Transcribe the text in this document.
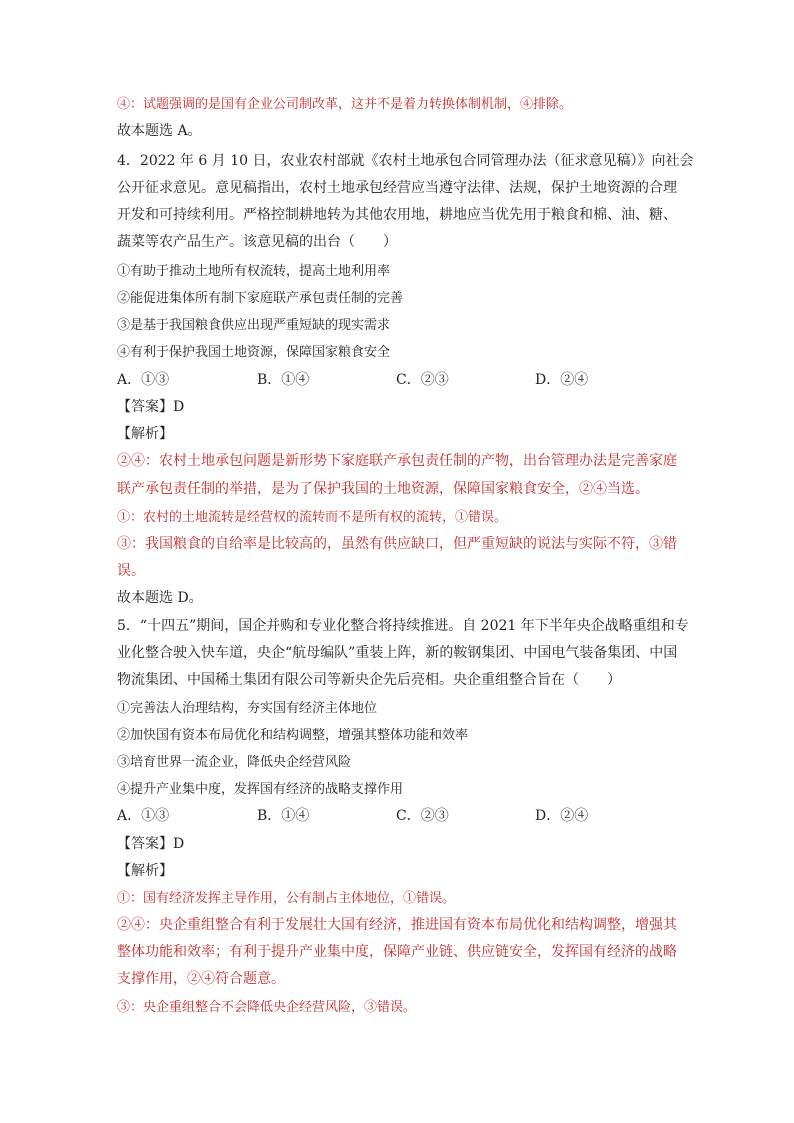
④：试题强调的是国有企业公司制改革，这并不是着力转换体制机制，④排除。
故本题选 A。
4．2022 年 6 月 10 日，农业农村部就《农村土地承包合同管理办法（征求意见稿）》向社会
公开征求意见。意见稿指出，农村土地承包经营应当遵守法律、法规，保护土地资源的合理
开发和可持续利用。严格控制耕地转为其他农用地，耕地应当优先用于粮食和棉、油、糖、
蔬菜等农产品生产。该意见稿的出台（　　）
①有助于推动土地所有权流转，提高土地利用率
②能促进集体所有制下家庭联产承包责任制的完善
③是基于我国粮食供应出现严重短缺的现实需求
④有利于保护我国土地资源，保障国家粮食安全
A．①③	B．①④	C．②③	D．②④
【答案】D
【解析】
②④：农村土地承包问题是新形势下家庭联产承包责任制的产物，出台管理办法是完善家庭
联产承包责任制的举措，是为了保护我国的土地资源，保障国家粮食安全，②④当选。
①：农村的土地流转是经营权的流转而不是所有权的流转，①错误。
③：我国粮食的自给率是比较高的，虽然有供应缺口，但严重短缺的说法与实际不符，③错
误。
故本题选 D。
5．“十四五”期间，国企并购和专业化整合将持续推进。自 2021 年下半年央企战略重组和专
业化整合驶入快车道，央企“航母编队”重装上阵，新的鞍钢集团、中国电气装备集团、中国
物流集团、中国稀土集团有限公司等新央企先后亮相。央企重组整合旨在（　　）
①完善法人治理结构，夯实国有经济主体地位
②加快国有资本布局优化和结构调整，增强其整体功能和效率
③培育世界一流企业，降低央企经营风险
④提升产业集中度，发挥国有经济的战略支撑作用
A．①③	B．①④	C．②③	D．②④
【答案】D
【解析】
①：国有经济发挥主导作用，公有制占主体地位，①错误。
②④：央企重组整合有利于发展壮大国有经济，推进国有资本布局优化和结构调整，增强其
整体功能和效率；有利于提升产业集中度，保障产业链、供应链安全，发挥国有经济的战略
支撑作用，②④符合题意。
③：央企重组整合不会降低央企经营风险，③错误。
